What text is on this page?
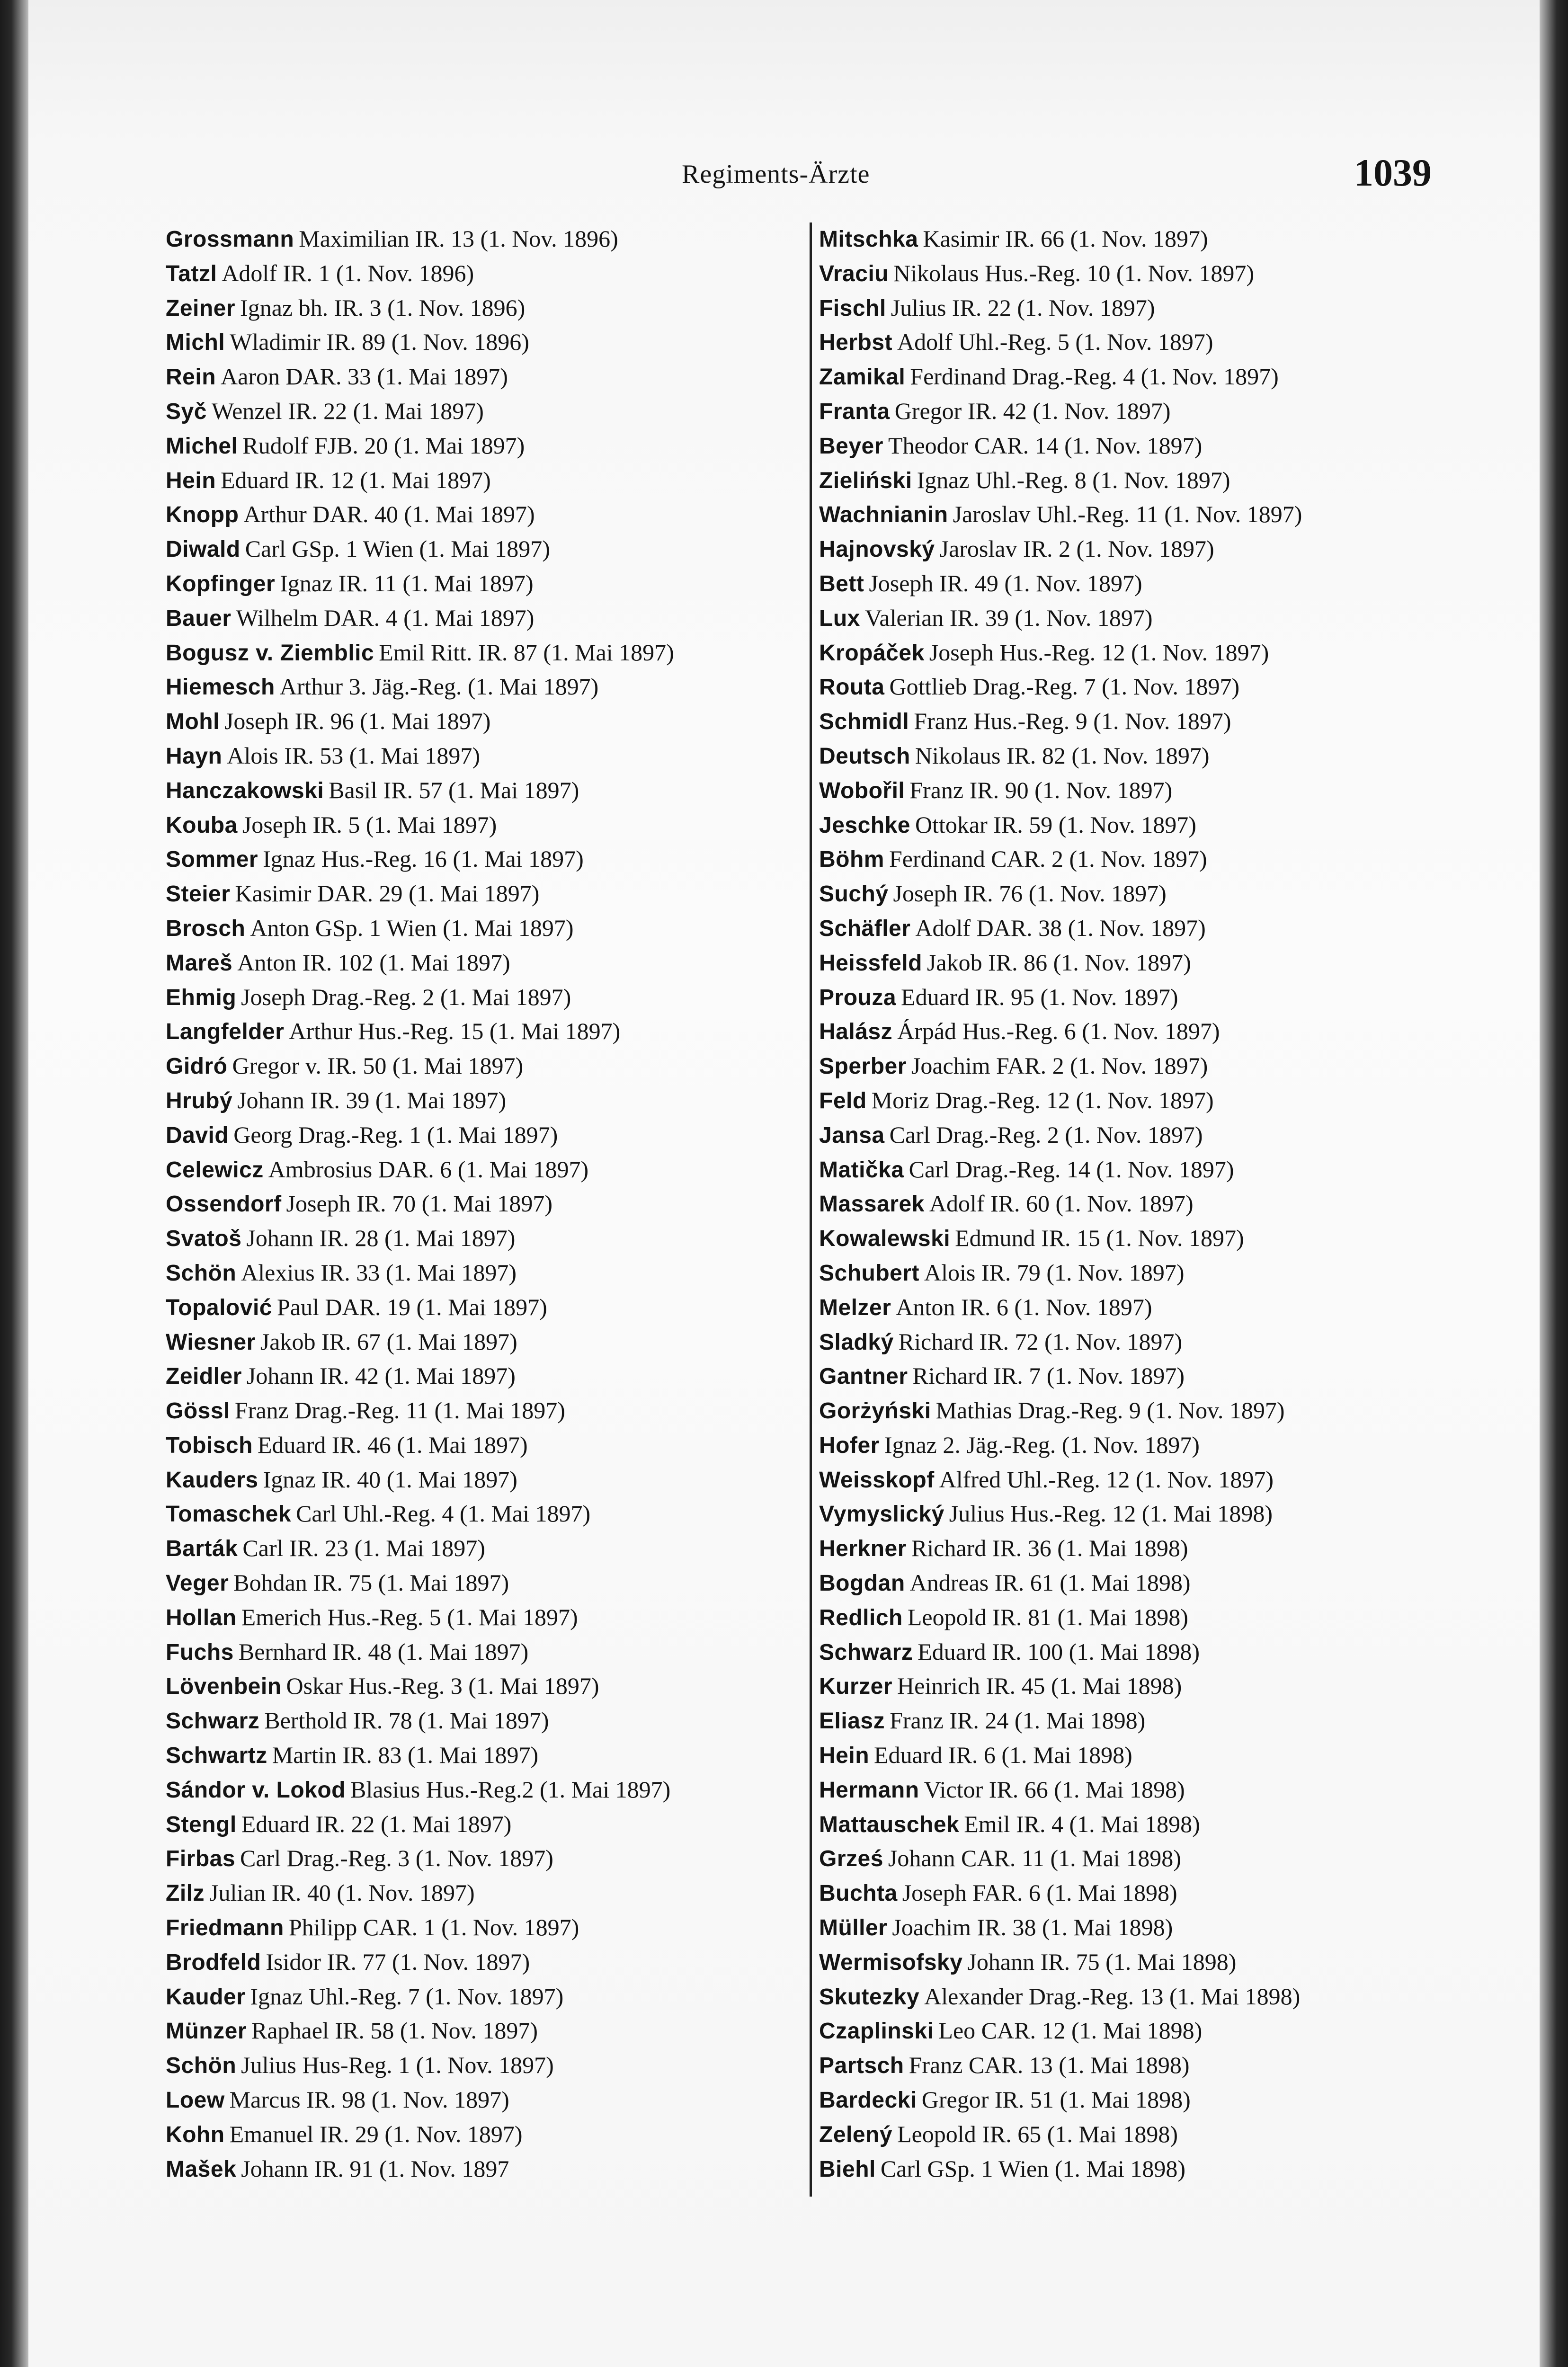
Regiments-Ärzte	1039
Grossmann Maximilian IR. 13 (1. Nov. 1896)
Tatzl Adolf IR. 1 (1. Nov. 1896)
Zeiner Ignaz bh. IR. 3 (1. Nov. 1896)
Michl Wladimir IR. 89 (1. Nov. 1896)
Rein Aaron DAR. 33 (1. Mai 1897)
Syč Wenzel IR. 22 (1. Mai 1897)
Michel Rudolf FJB. 20 (1. Mai 1897)
Hein Eduard IR. 12 (1. Mai 1897)
Knopp Arthur DAR. 40 (1. Mai 1897)
Diwald Carl GSp. 1 Wien (1. Mai 1897)
Kopfinger Ignaz IR. 11 (1. Mai 1897)
Bauer Wilhelm DAR. 4 (1. Mai 1897)
Bogusz v. Ziemblic Emil Ritt. IR. 87 (1. Mai 1897)
Hiemesch Arthur 3. Jäg.-Reg. (1. Mai 1897)
Mohl Joseph IR. 96 (1. Mai 1897)
Hayn Alois IR. 53 (1. Mai 1897)
Hanczakowski Basil IR. 57 (1. Mai 1897)
Kouba Joseph IR. 5 (1. Mai 1897)
Sommer Ignaz Hus.-Reg. 16 (1. Mai 1897)
Steier Kasimir DAR. 29 (1. Mai 1897)
Brosch Anton GSp. 1 Wien (1. Mai 1897)
Mareš Anton IR. 102 (1. Mai 1897)
Ehmig Joseph Drag.-Reg. 2 (1. Mai 1897)
Langfelder Arthur Hus.-Reg. 15 (1. Mai 1897)
Gidró Gregor v. IR. 50 (1. Mai 1897)
Hrubý Johann IR. 39 (1. Mai 1897)
David Georg Drag.-Reg. 1 (1. Mai 1897)
Celewicz Ambrosius DAR. 6 (1. Mai 1897)
Ossendorf Joseph IR. 70 (1. Mai 1897)
Svatoš Johann IR. 28 (1. Mai 1897)
Schön Alexius IR. 33 (1. Mai 1897)
Topalović Paul DAR. 19 (1. Mai 1897)
Wiesner Jakob IR. 67 (1. Mai 1897)
Zeidler Johann IR. 42 (1. Mai 1897)
Gössl Franz Drag.-Reg. 11 (1. Mai 1897)
Tobisch Eduard IR. 46 (1. Mai 1897)
Kauders Ignaz IR. 40 (1. Mai 1897)
Tomaschek Carl Uhl.-Reg. 4 (1. Mai 1897)
Barták Carl IR. 23 (1. Mai 1897)
Veger Bohdan IR. 75 (1. Mai 1897)
Hollan Emerich Hus.-Reg. 5 (1. Mai 1897)
Fuchs Bernhard IR. 48 (1. Mai 1897)
Lövenbein Oskar Hus.-Reg. 3 (1. Mai 1897)
Schwarz Berthold IR. 78 (1. Mai 1897)
Schwartz Martin IR. 83 (1. Mai 1897)
Sándor v. Lokod Blasius Hus.-Reg.2 (1. Mai 1897)
Stengl Eduard IR. 22 (1. Mai 1897)
Firbas Carl Drag.-Reg. 3 (1. Nov. 1897)
Zilz Julian IR. 40 (1. Nov. 1897)
Friedmann Philipp CAR. 1 (1. Nov. 1897)
Brodfeld Isidor IR. 77 (1. Nov. 1897)
Kauder Ignaz Uhl.-Reg. 7 (1. Nov. 1897)
Münzer Raphael IR. 58 (1. Nov. 1897)
Schön Julius Hus-Reg. 1 (1. Nov. 1897)
Loew Marcus IR. 98 (1. Nov. 1897)
Kohn Emanuel IR. 29 (1. Nov. 1897)
Mašek Johann IR. 91 (1. Nov. 1897
Mitschka Kasimir IR. 66 (1. Nov. 1897)
Vraciu Nikolaus Hus.-Reg. 10 (1. Nov. 1897)
Fischl Julius IR. 22 (1. Nov. 1897)
Herbst Adolf Uhl.-Reg. 5 (1. Nov. 1897)
Zamikal Ferdinand Drag.-Reg. 4 (1. Nov. 1897)
Franta Gregor IR. 42 (1. Nov. 1897)
Beyer Theodor CAR. 14 (1. Nov. 1897)
Zieliński Ignaz Uhl.-Reg. 8 (1. Nov. 1897)
Wachnianin Jaroslav Uhl.-Reg. 11 (1. Nov. 1897)
Hajnovský Jaroslav IR. 2 (1. Nov. 1897)
Bett Joseph IR. 49 (1. Nov. 1897)
Lux Valerian IR. 39 (1. Nov. 1897)
Kropáček Joseph Hus.-Reg. 12 (1. Nov. 1897)
Routa Gottlieb Drag.-Reg. 7 (1. Nov. 1897)
Schmidl Franz Hus.-Reg. 9 (1. Nov. 1897)
Deutsch Nikolaus IR. 82 (1. Nov. 1897)
Wobořil Franz IR. 90 (1. Nov. 1897)
Jeschke Ottokar IR. 59 (1. Nov. 1897)
Böhm Ferdinand CAR. 2 (1. Nov. 1897)
Suchý Joseph IR. 76 (1. Nov. 1897)
Schäfler Adolf DAR. 38 (1. Nov. 1897)
Heissfeld Jakob IR. 86 (1. Nov. 1897)
Prouza Eduard IR. 95 (1. Nov. 1897)
Halász Árpád Hus.-Reg. 6 (1. Nov. 1897)
Sperber Joachim FAR. 2 (1. Nov. 1897)
Feld Moriz Drag.-Reg. 12 (1. Nov. 1897)
Jansa Carl Drag.-Reg. 2 (1. Nov. 1897)
Matička Carl Drag.-Reg. 14 (1. Nov. 1897)
Massarek Adolf IR. 60 (1. Nov. 1897)
Kowalewski Edmund IR. 15 (1. Nov. 1897)
Schubert Alois IR. 79 (1. Nov. 1897)
Melzer Anton IR. 6 (1. Nov. 1897)
Sladký Richard IR. 72 (1. Nov. 1897)
Gantner Richard IR. 7 (1. Nov. 1897)
Gorżyński Mathias Drag.-Reg. 9 (1. Nov. 1897)
Hofer Ignaz 2. Jäg.-Reg. (1. Nov. 1897)
Weisskopf Alfred Uhl.-Reg. 12 (1. Nov. 1897)
Vymyslický Julius Hus.-Reg. 12 (1. Mai 1898)
Herkner Richard IR. 36 (1. Mai 1898)
Bogdan Andreas IR. 61 (1. Mai 1898)
Redlich Leopold IR. 81 (1. Mai 1898)
Schwarz Eduard IR. 100 (1. Mai 1898)
Kurzer Heinrich IR. 45 (1. Mai 1898)
Eliasz Franz IR. 24 (1. Mai 1898)
Hein Eduard IR. 6 (1. Mai 1898)
Hermann Victor IR. 66 (1. Mai 1898)
Mattauschek Emil IR. 4 (1. Mai 1898)
Grześ Johann CAR. 11 (1. Mai 1898)
Buchta Joseph FAR. 6 (1. Mai 1898)
Müller Joachim IR. 38 (1. Mai 1898)
Wermisofsky Johann IR. 75 (1. Mai 1898)
Skutezky Alexander Drag.-Reg. 13 (1. Mai 1898)
Czaplinski Leo CAR. 12 (1. Mai 1898)
Partsch Franz CAR. 13 (1. Mai 1898)
Bardecki Gregor IR. 51 (1. Mai 1898)
Zelený Leopold IR. 65 (1. Mai 1898)
Biehl Carl GSp. 1 Wien (1. Mai 1898)
